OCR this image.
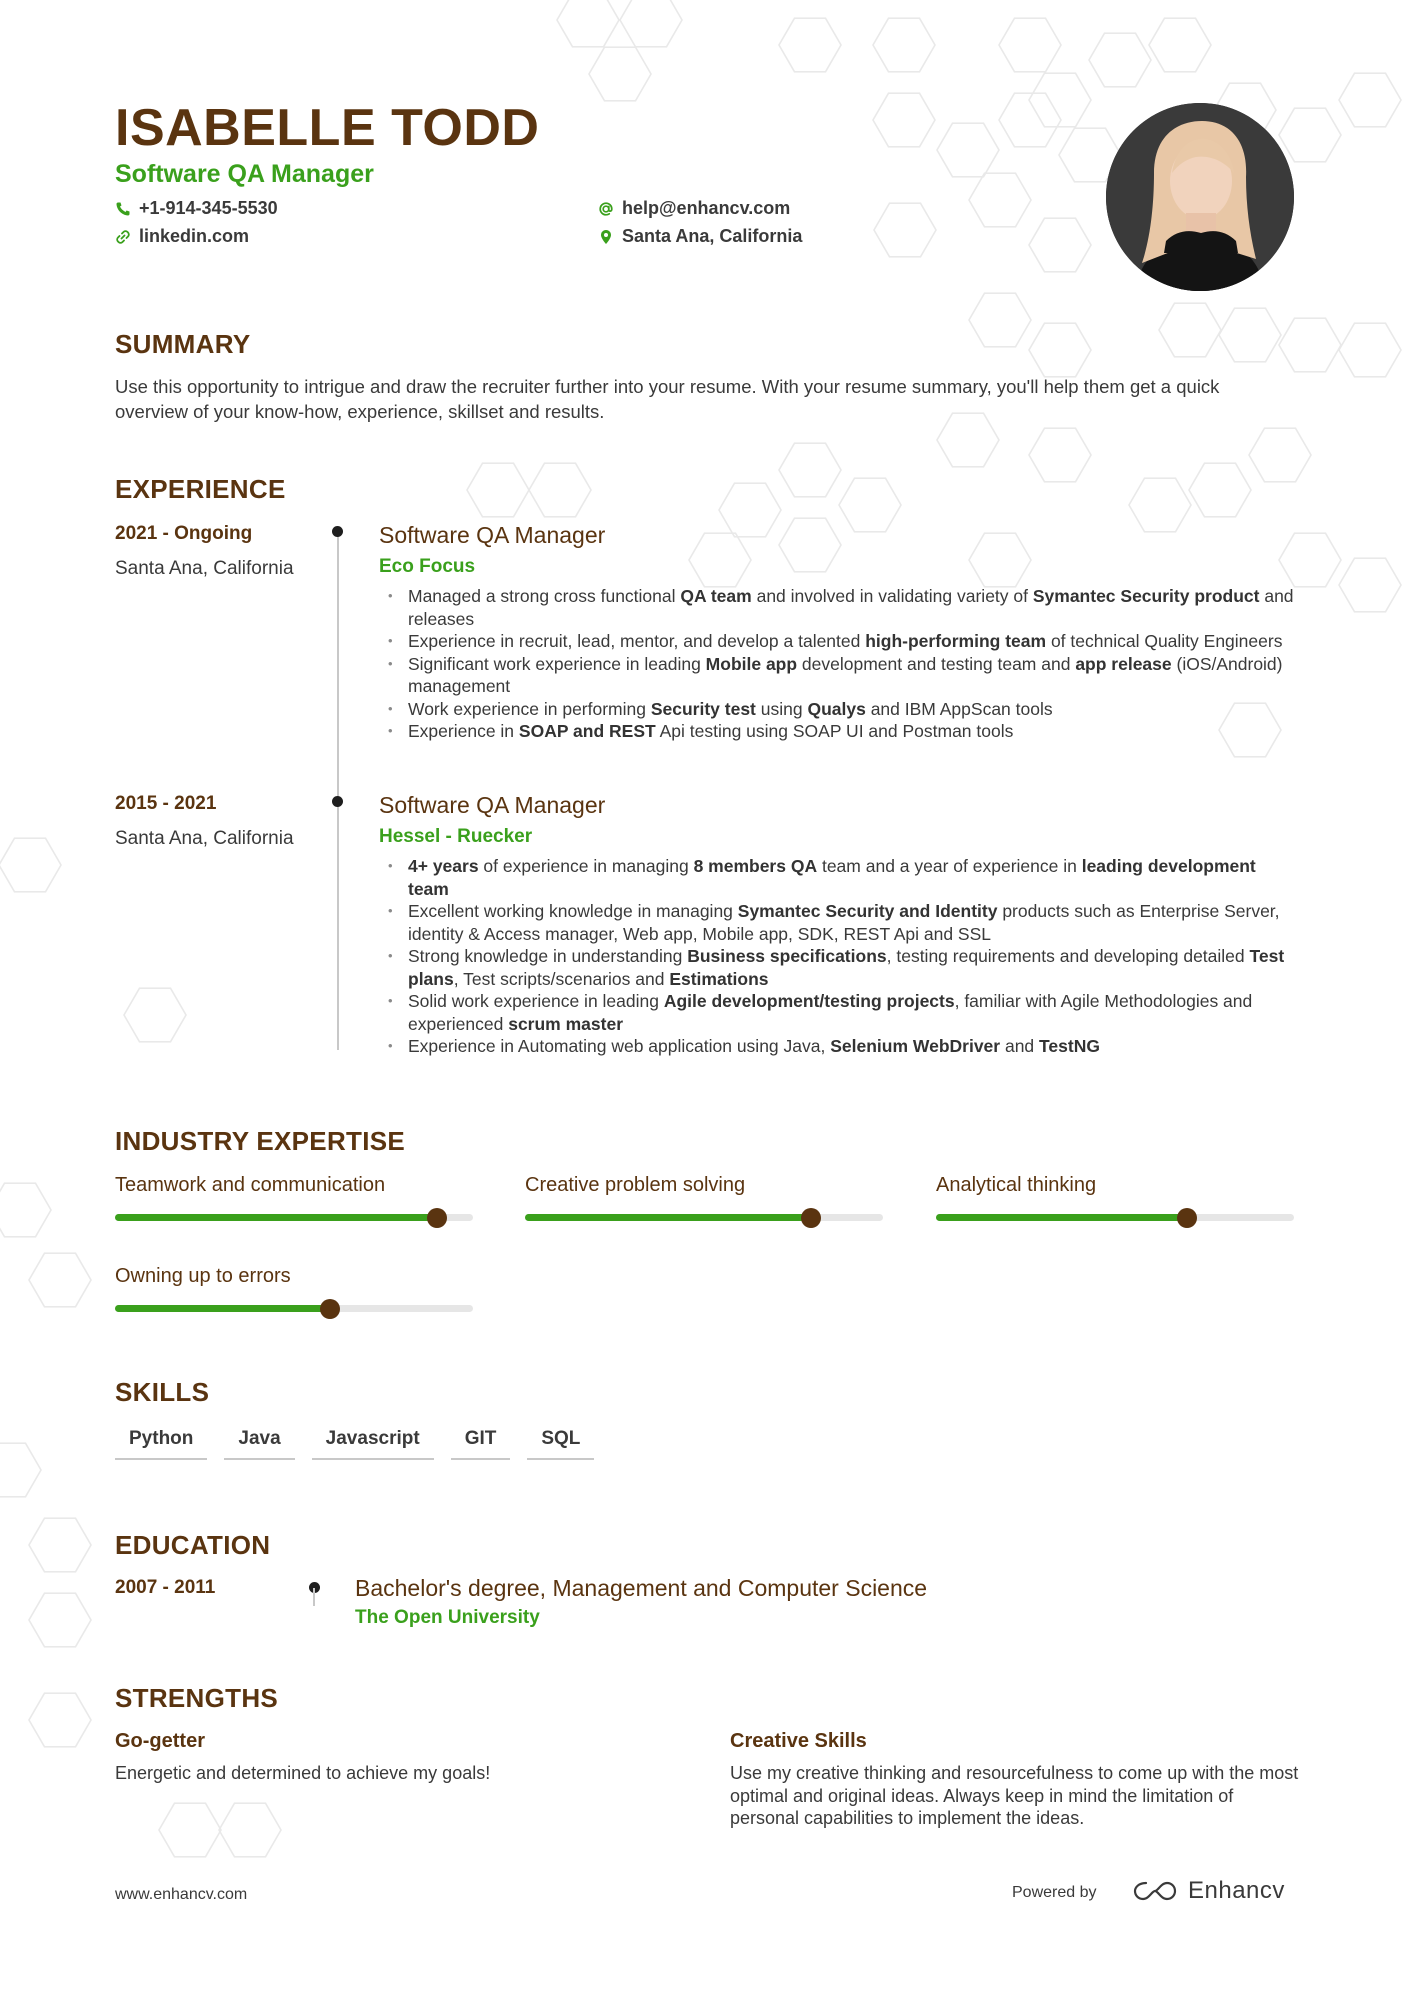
ISABELLE TODD
Software QA Manager
+1-914-345-5530
linkedin.com
help@enhancv.com
Santa Ana, California
SUMMARY
Use this opportunity to intrigue and draw the recruiter further into your resume. With your resume summary, you'll help them get a quick overview of your know-how, experience, skillset and results.
EXPERIENCE
2021 - Ongoing
Santa Ana, California
Software QA Manager
Eco Focus
• Managed a strong cross functional QA team and involved in validating variety of Symantec Security product and releases
• Experience in recruit, lead, mentor, and develop a talented high-performing team of technical Quality Engineers
• Significant work experience in leading Mobile app development and testing team and app release (iOS/Android) management
• Work experience in performing Security test using Qualys and IBM AppScan tools
• Experience in SOAP and REST Api testing using SOAP UI and Postman tools
2015 - 2021
Santa Ana, California
Software QA Manager
Hessel - Ruecker
• 4+ years of experience in managing 8 members QA team and a year of experience in leading development team
• Excellent working knowledge in managing Symantec Security and Identity products such as Enterprise Server, identity & Access manager, Web app, Mobile app, SDK, REST Api and SSL
• Strong knowledge in understanding Business specifications, testing requirements and developing detailed Test plans, Test scripts/scenarios and Estimations
• Solid work experience in leading Agile development/testing projects, familiar with Agile Methodologies and experienced scrum master
• Experience in Automating web application using Java, Selenium WebDriver and TestNG
INDUSTRY EXPERTISE
Teamwork and communication	Creative problem solving	Analytical thinking
Owning up to errors
SKILLS
Python	Java	Javascript	GIT	SQL
EDUCATION
2007 - 2011	Bachelor's degree, Management and Computer Science
The Open University
STRENGTHS
Go-getter
Energetic and determined to achieve my goals!
Creative Skills
Use my creative thinking and resourcefulness to come up with the most optimal and original ideas. Always keep in mind the limitation of personal capabilities to implement the ideas.
www.enhancv.com	Powered by	Enhancv
